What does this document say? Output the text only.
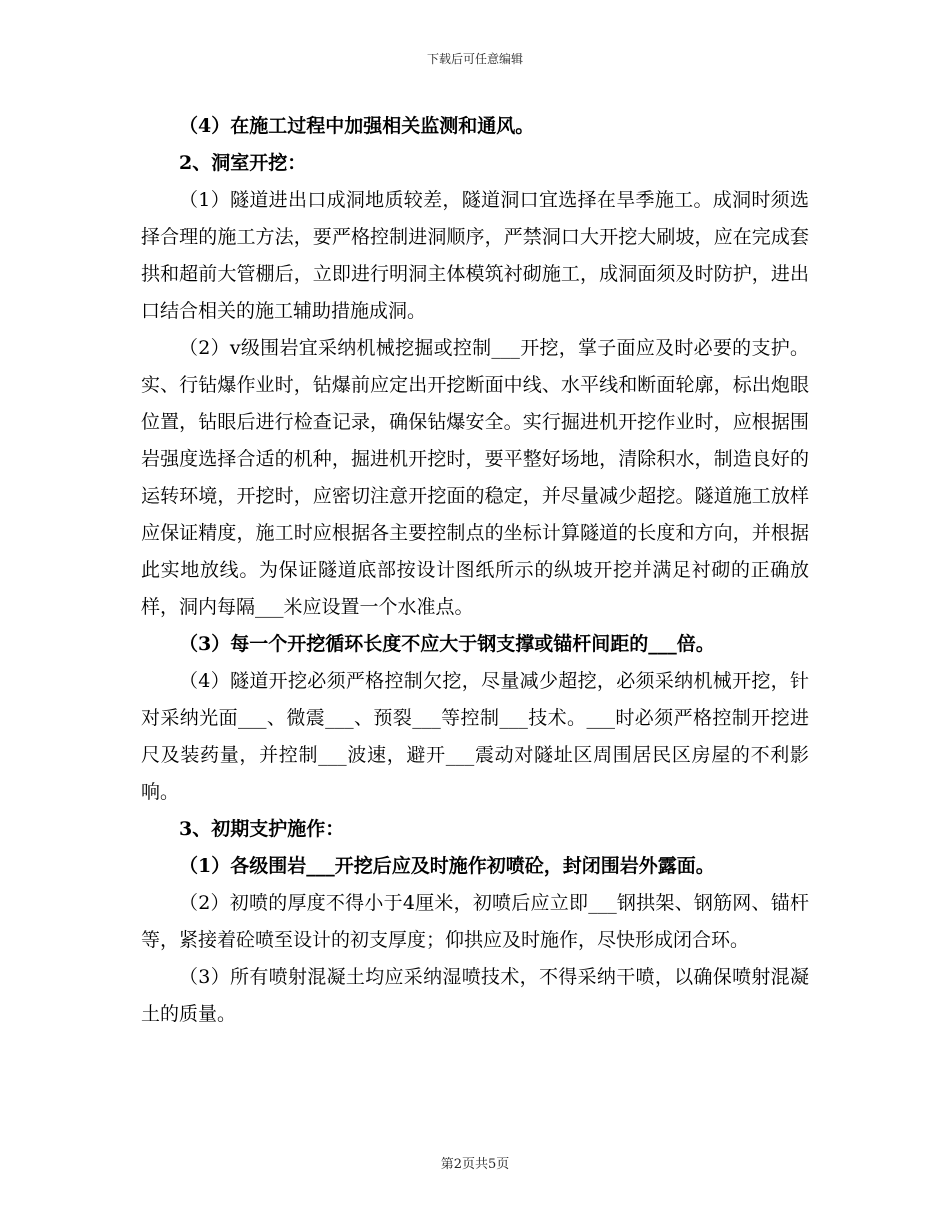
下载后可任意编辑

（4）在施工过程中加强相关监测和通风。

2、洞室开挖：

（1）隧道进出口成洞地质较差，隧道洞口宜选择在旱季施工。成洞时须选择合理的施工方法，要严格控制进洞顺序，严禁洞口大开挖大刷坡，应在完成套拱和超前大管棚后，立即进行明洞主体模筑衬砌施工，成洞面须及时防护，进出口结合相关的施工辅助措施成洞。

（2）v级围岩宜采纳机械挖掘或控制___开挖，掌子面应及时必要的支护。实、行钻爆作业时，钻爆前应定出开挖断面中线、水平线和断面轮廓，标出炮眼位置，钻眼后进行检查记录，确保钻爆安全。实行掘进机开挖作业时，应根据围岩强度选择合适的机种，掘进机开挖时，要平整好场地，清除积水，制造良好的运转环境，开挖时，应密切注意开挖面的稳定，并尽量减少超挖。隧道施工放样应保证精度，施工时应根据各主要控制点的坐标计算隧道的长度和方向，并根据此实地放线。为保证隧道底部按设计图纸所示的纵坡开挖并满足衬砌的正确放样，洞内每隔___米应设置一个水准点。

（3）每一个开挖循环长度不应大于钢支撑或锚杆间距的___倍。

（4）隧道开挖必须严格控制欠挖，尽量减少超挖，必须采纳机械开挖，针对采纳光面___、微震___、预裂___等控制___技术。___时必须严格控制开挖进尺及装药量，并控制___波速，避开___震动对隧址区周围居民区房屋的不利影响。

3、初期支护施作：

（1）各级围岩___开挖后应及时施作初喷砼，封闭围岩外露面。

（2）初喷的厚度不得小于4厘米，初喷后应立即___钢拱架、钢筋网、锚杆等，紧接着砼喷至设计的初支厚度；仰拱应及时施作，尽快形成闭合环。

（3）所有喷射混凝土均应采纳湿喷技术，不得采纳干喷，以确保喷射混凝土的质量。

第2页共5页
